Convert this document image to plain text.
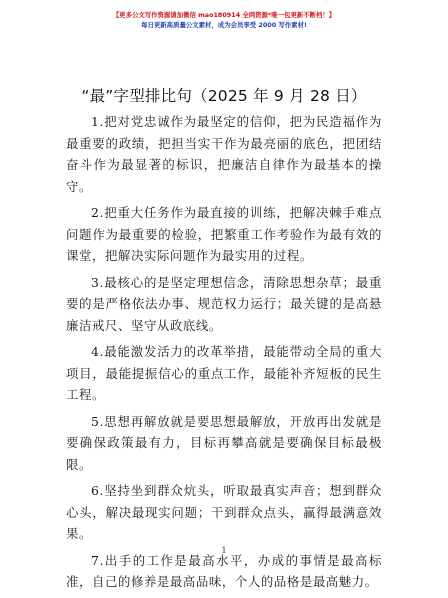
【更多公文写作资源请加微信 mao180914 全网资源*唯一包更新不断档！】
每日更新高质量公文素材，成为会员享受 2000 写作素材!
“最”字型排比句（2025 年 9 月 28 日）

1.把对党忠诚作为最坚定的信仰，把为民造福作为最重要的政绩，把担当实干作为最亮丽的底色，把团结奋斗作为最显著的标识，把廉洁自律作为最基本的操守。

2.把重大任务作为最直接的训练，把解决棘手难点问题作为最重要的检验，把繁重工作考验作为最有效的课堂，把解决实际问题作为最实用的过程。

3.最核心的是坚定理想信念，清除思想杂草；最重要的是严格依法办事、规范权力运行；最关键的是高悬廉洁戒尺、坚守从政底线。

4.最能激发活力的改革举措，最能带动全局的重大项目，最能提振信心的重点工作，最能补齐短板的民生工程。

5.思想再解放就是要思想最解放，开放再出发就是要确保政策最有力，目标再攀高就是要确保目标最极限。

6.坚持坐到群众炕头，听取最真实声音；想到群众心头，解决最现实问题；干到群众点头，赢得最满意效果。

7.出手的工作是最高水平，办成的事情是最高标准，自己的修养是最高品味，个人的品格是最高魅力。

1
